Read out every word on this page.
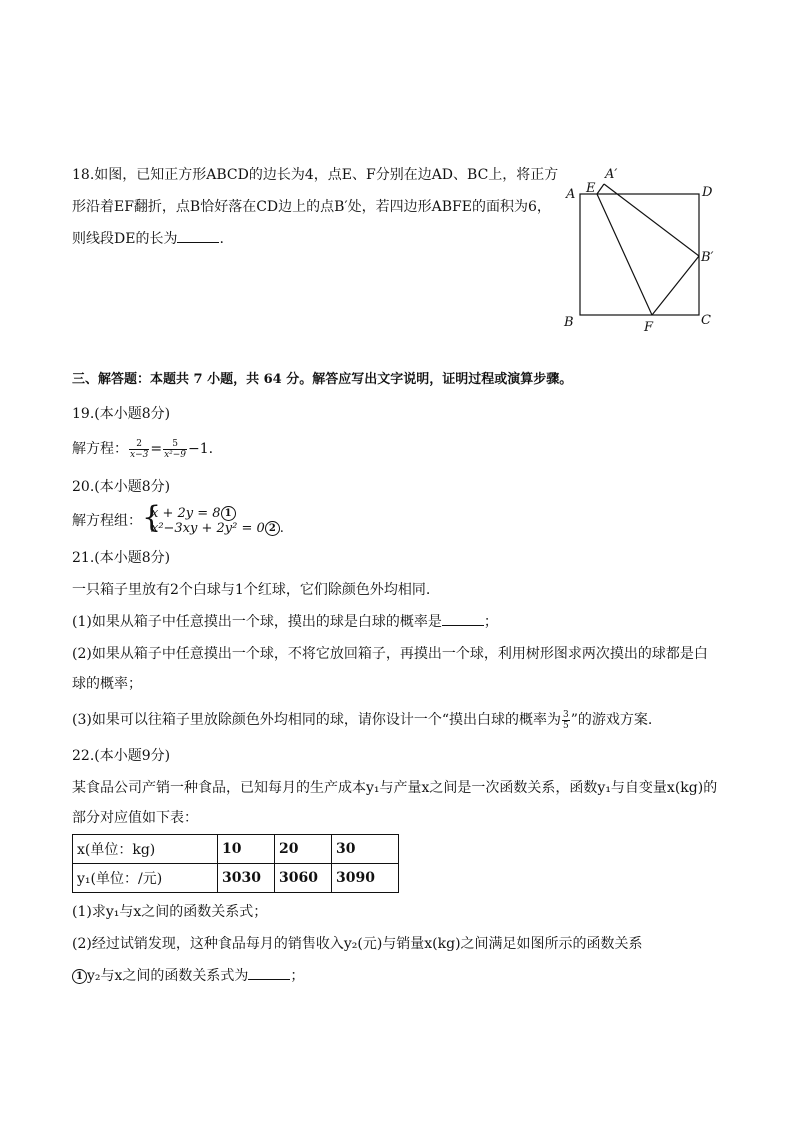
18.如图，已知正方形ABCD的边长为4，点E、F分别在边AD、BC上，将正方
形沿着EF翻折，点B恰好落在CD边上的点B′处，若四边形ABFE的面积为6，
则线段DE的长为	.
A E
A′
D
B′
B	F	C
三、解答题：本题共 7 小题，共 64 分。解答应写出文字说明，证明过程或演算步骤。
19.(本小题8分)
解方程： $\frac{2}{x-3} = \frac{5}{\text{x²−9}} -1$.
20.(本小题8分)
解方程组： {
x + 2y = 8 1
x²−3xy + 2y² = 0 2 .
21.(本小题8分)
一只箱子里放有2个白球与1个红球，它们除颜色外均相同.
(1)如果从箱子中任意摸出一个球，摸出的球是白球的概率是	；
(2)如果从箱子中任意摸出一个球，不将它放回箱子，再摸出一个球，利用树形图求两次摸出的球都是白
球的概率；
(3)如果可以往箱子里放除颜色外均相同的球，请你设计一个“摸出白球的概率为 $\frac{3}{5}$ ”的游戏方案.
22.(本小题9分)
某食品公司产销一种食品，已知每月的生产成本y₁与产量x之间是一次函数关系，函数y₁与自变量x(kg)的
部分对应值如下表：
x(单位：kg)	10	20	30
y₁(单位：/元)	3030	3060	3090
(1)求y₁与x之间的函数关系式；
(2)经过试销发现，这种食品每月的销售收入y₂(元)与销量x(kg)之间满足如图所示的函数关系
1 y₂与x之间的函数关系式为	；
